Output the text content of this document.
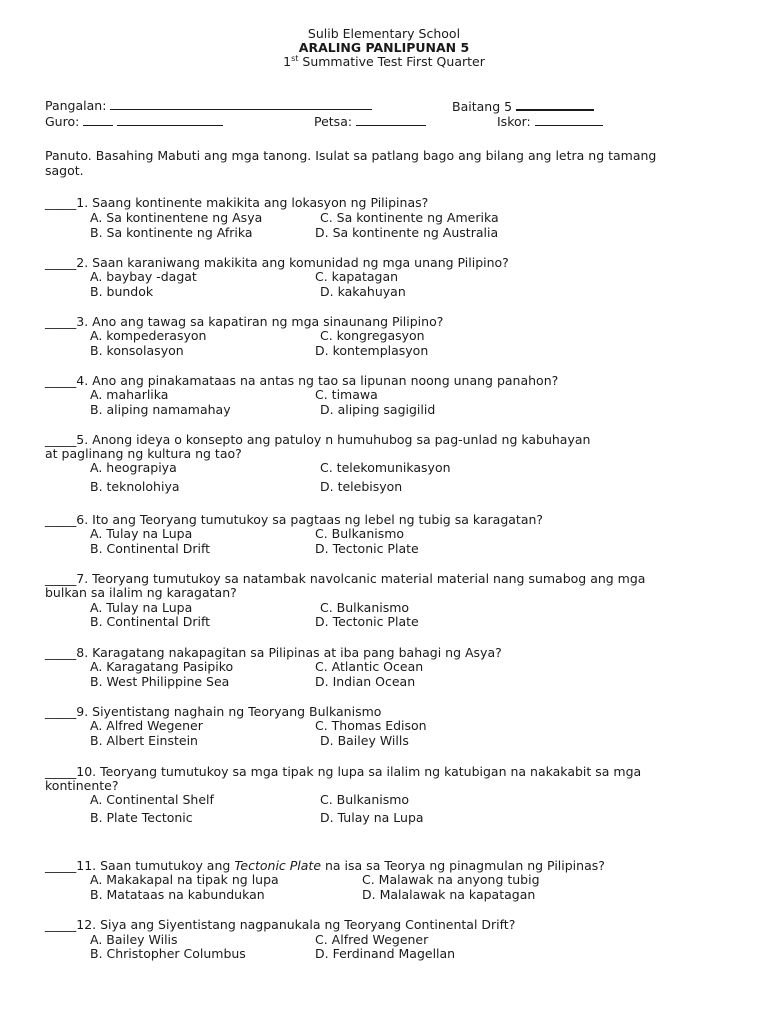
Sulib Elementary School
ARALING PANLIPUNAN 5
1st Summative Test First Quarter
Pangalan:	Baitang 5
Guro:	Petsa:	Iskor:
Panuto. Basahing Mabuti ang mga tanong. Isulat sa patlang bago ang bilang ang letra ng tamang
sagot.
_____1. Saang kontinente makikita ang lokasyon ng Pilipinas?
A. Sa kontinentene ng Asya	C. Sa kontinente ng Amerika
B. Sa kontinente ng Afrika	D. Sa kontinente ng Australia
_____2. Saan karaniwang makikita ang komunidad ng mga unang Pilipino?
A. baybay -dagat	C. kapatagan
B. bundok	D. kakahuyan
_____3. Ano ang tawag sa kapatiran ng mga sinaunang Pilipino?
A. kompederasyon	C. kongregasyon
B. konsolasyon	D. kontemplasyon
_____4. Ano ang pinakamataas na antas ng tao sa lipunan noong unang panahon?
A. maharlika	C. timawa
B. aliping namamahay	D. aliping sagigilid
_____5. Anong ideya o konsepto ang patuloy n humuhubog sa pag-unlad ng kabuhayan
at paglinang ng kultura ng tao?
A. heograpiya	C. telekomunikasyon
B. teknolohiya	D. telebisyon
_____6. Ito ang Teoryang tumutukoy sa pagtaas ng lebel ng tubig sa karagatan?
A. Tulay na Lupa	C. Bulkanismo
B. Continental Drift	D. Tectonic Plate
_____7. Teoryang tumutukoy sa natambak navolcanic material material nang sumabog ang mga
bulkan sa ilalim ng karagatan?
A. Tulay na Lupa	C. Bulkanismo
B. Continental Drift	D. Tectonic Plate
_____8. Karagatang nakapagitan sa Pilipinas at iba pang bahagi ng Asya?
A. Karagatang Pasipiko	C. Atlantic Ocean
B. West Philippine Sea	D. Indian Ocean
_____9. Siyentistang naghain ng Teoryang Bulkanismo
A. Alfred Wegener	C. Thomas Edison
B. Albert Einstein	D. Bailey Wills
_____10. Teoryang tumutukoy sa mga tipak ng lupa sa ilalim ng katubigan na nakakabit sa mga
kontinente?
A. Continental Shelf	C. Bulkanismo
B. Plate Tectonic	D. Tulay na Lupa
_____11. Saan tumutukoy ang Tectonic Plate na isa sa Teorya ng pinagmulan ng Pilipinas?
A. Makakapal na tipak ng lupa	C. Malawak na anyong tubig
B. Matataas na kabundukan	D. Malalawak na kapatagan
_____12. Siya ang Siyentistang nagpanukala ng Teoryang Continental Drift?
A. Bailey Wilis	C. Alfred Wegener
B. Christopher Columbus	D. Ferdinand Magellan
